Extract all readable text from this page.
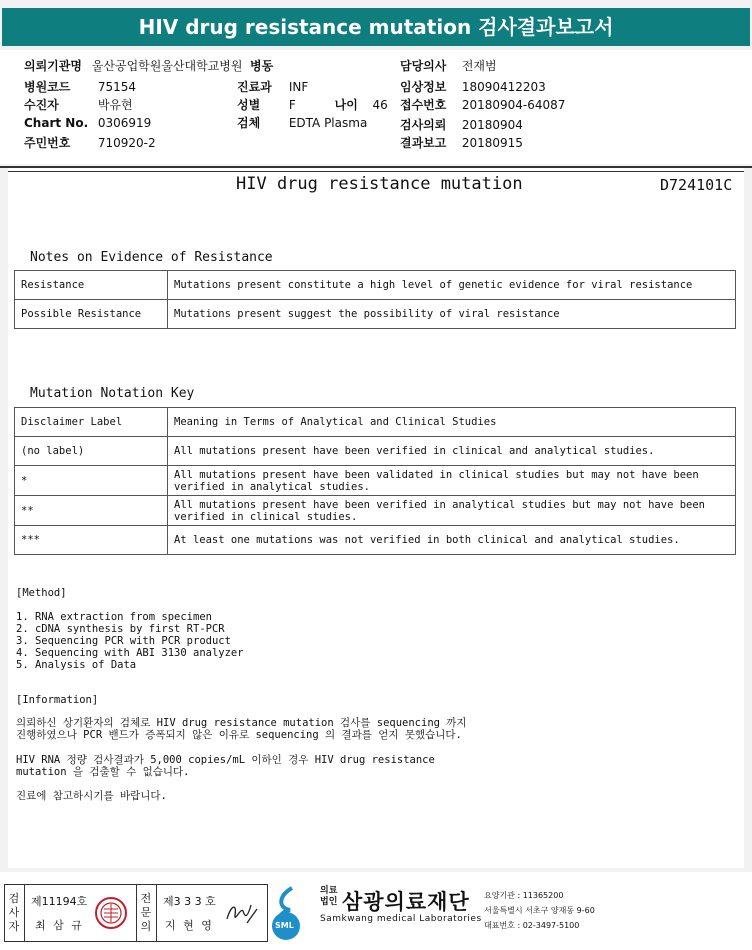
HIV drug resistance mutation 검사결과보고서
의뢰기관명 울산공업학원울산대학교병원
병원코드 75154
수진자	박유현
Chart No. 0306919
주민번호 710920-2
병동
진료과 INF
성별 F	나이 46
검체 EDTA Plasma
담당의사 전재범
임상정보 18090412203
접수번호 20180904-64087
검사의뢰 20180904
결과보고 20180915
HIV drug resistance mutation	D724101C
Notes on Evidence of Resistance
Resistance	Mutations present constitute a high level of genetic evidence for viral resistance
Possible Resistance	Mutations present suggest the possibility of viral resistance
Mutation Notation Key
Disclaimer Label	Meaning in Terms of Analytical and Clinical Studies
(no label)	All mutations present have been verified in clinical and analytical studies.
*	All mutations present have been validated in clinical studies but may not have been verified in analytical studies.
**	All mutations present have been verified in analytical studies but may not have been verified in clinical studies.
***	At least one mutations was not verified in both clinical and analytical studies.
[Method]
1. RNA extraction from specimen
2. cDNA synthesis by first RT-PCR
3. Sequencing PCR with PCR product
4. Sequencing with ABI 3130 analyzer
5. Analysis of Data
[Information]
의뢰하신 상기환자의 검체로 HIV drug resistance mutation 검사를 sequencing 까지
진행하였으나 PCR 밴드가 증폭되지 않은 이유로 sequencing 의 결과를 얻지 못했습니다.
HIV RNA 정량 검사결과가 5,000 copies/mL 이하인 경우 HIV drug resistance
mutation 을 검출할 수 없습니다.
진료에 참고하시기를 바랍니다.
검사자
제11194호
최 삼 규
전문의
제3 3 3 호
지 현 영	SML
의료법인 삼광의료재단
Samkwang medical Laboratories
요양기관 : 11365200
서울특별시 서초구 양재동 9-60
대표번호 : 02-3497-5100
